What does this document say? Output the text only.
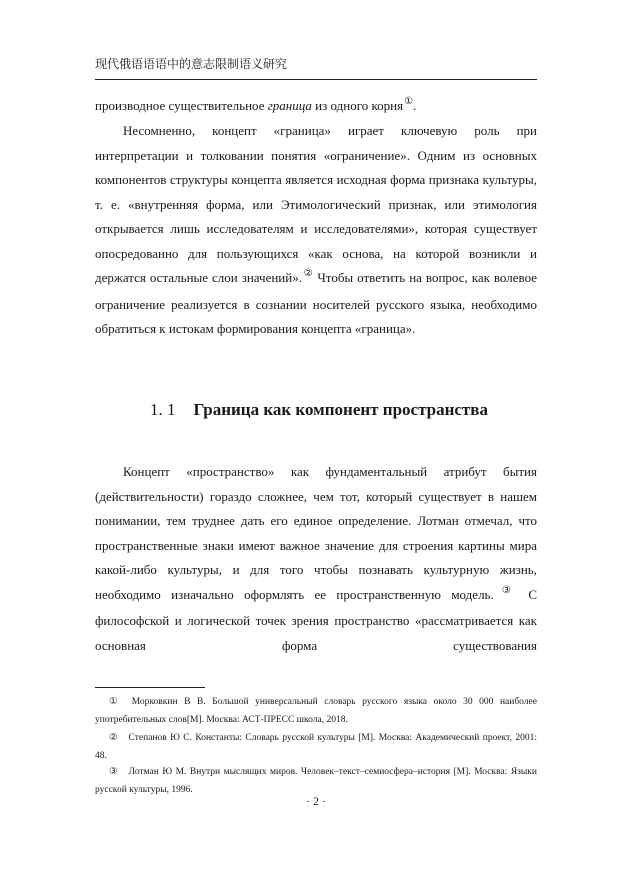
现代俄语语语中的意志限制语义研究

производное существительное граница из одного корня①.

Несомненно, концепт «граница» играет ключевую роль при интерпретации и толковании понятия «ограничение». Одним из основных компонентов структуры концепта является исходная форма признака культуры, т. е. «внутренняя форма, или Этимологический признак, или этимология открывается лишь исследователям и исследователями», которая существует опосредованно для пользующихся «как основа, на которой возникли и держатся остальные слои значений».② Чтобы ответить на вопрос, как волевое ограничение реализуется в сознании носителей русского языка, необходимо обратиться к истокам формирования концепта «граница».

1. 1 Граница как компонент пространства

Концепт «пространство» как фундаментальный атрибут бытия (действительности) гораздо сложнее, чем тот, который существует в нашем понимании, тем труднее дать его единое определение. Лотман отмечал, что пространственные знаки имеют важное значение для строения картины мира какой-либо культуры, и для того чтобы познавать культурную жизнь, необходимо изначально оформлять ее пространственную модель.③ С философской и логической точек зрения пространство «рассматривается как основная форма существования

① Морковкин В В. Большой универсальный словарь русского языка около 30 000 наиболее употребительных слов[М]. Москва: АСТ-ПРЕСС школа, 2018.

② Степанов Ю С. Константы: Словарь русской культуры [М]. Москва: Академический проект, 2001: 48.

③ Лотман Ю М. Внутри мыслящих миров. Человек–текст–семиосфера–история [М]. Москва: Языки русской культуры, 1996.

· 2 ·
